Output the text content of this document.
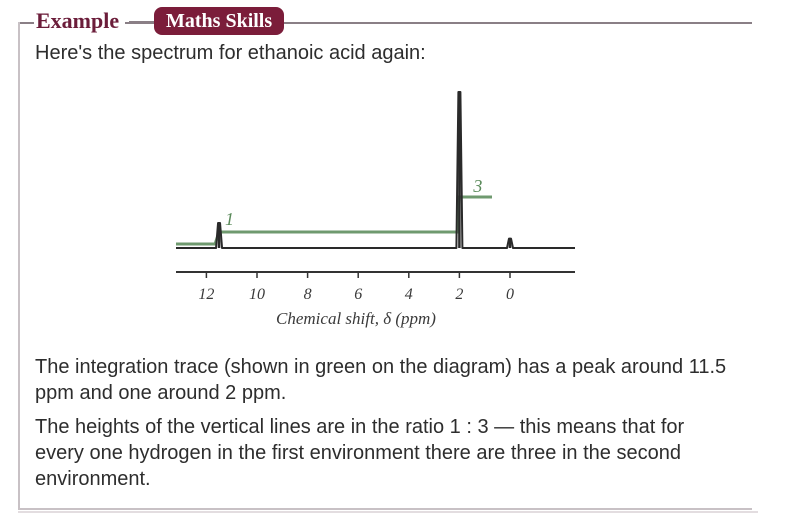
Example	Maths Skills
Here's the spectrum for ethanoic acid again:
1
3
12 10 8	6	4	2	0
Chemical shift, δ (ppm)
The integration trace (shown in green on the diagram) has a peak around 11.5 ppm and one around 2 ppm.
The heights of the vertical lines are in the ratio 1 : 3 — this means that for every one hydrogen in the first environment there are three in the second environment.
